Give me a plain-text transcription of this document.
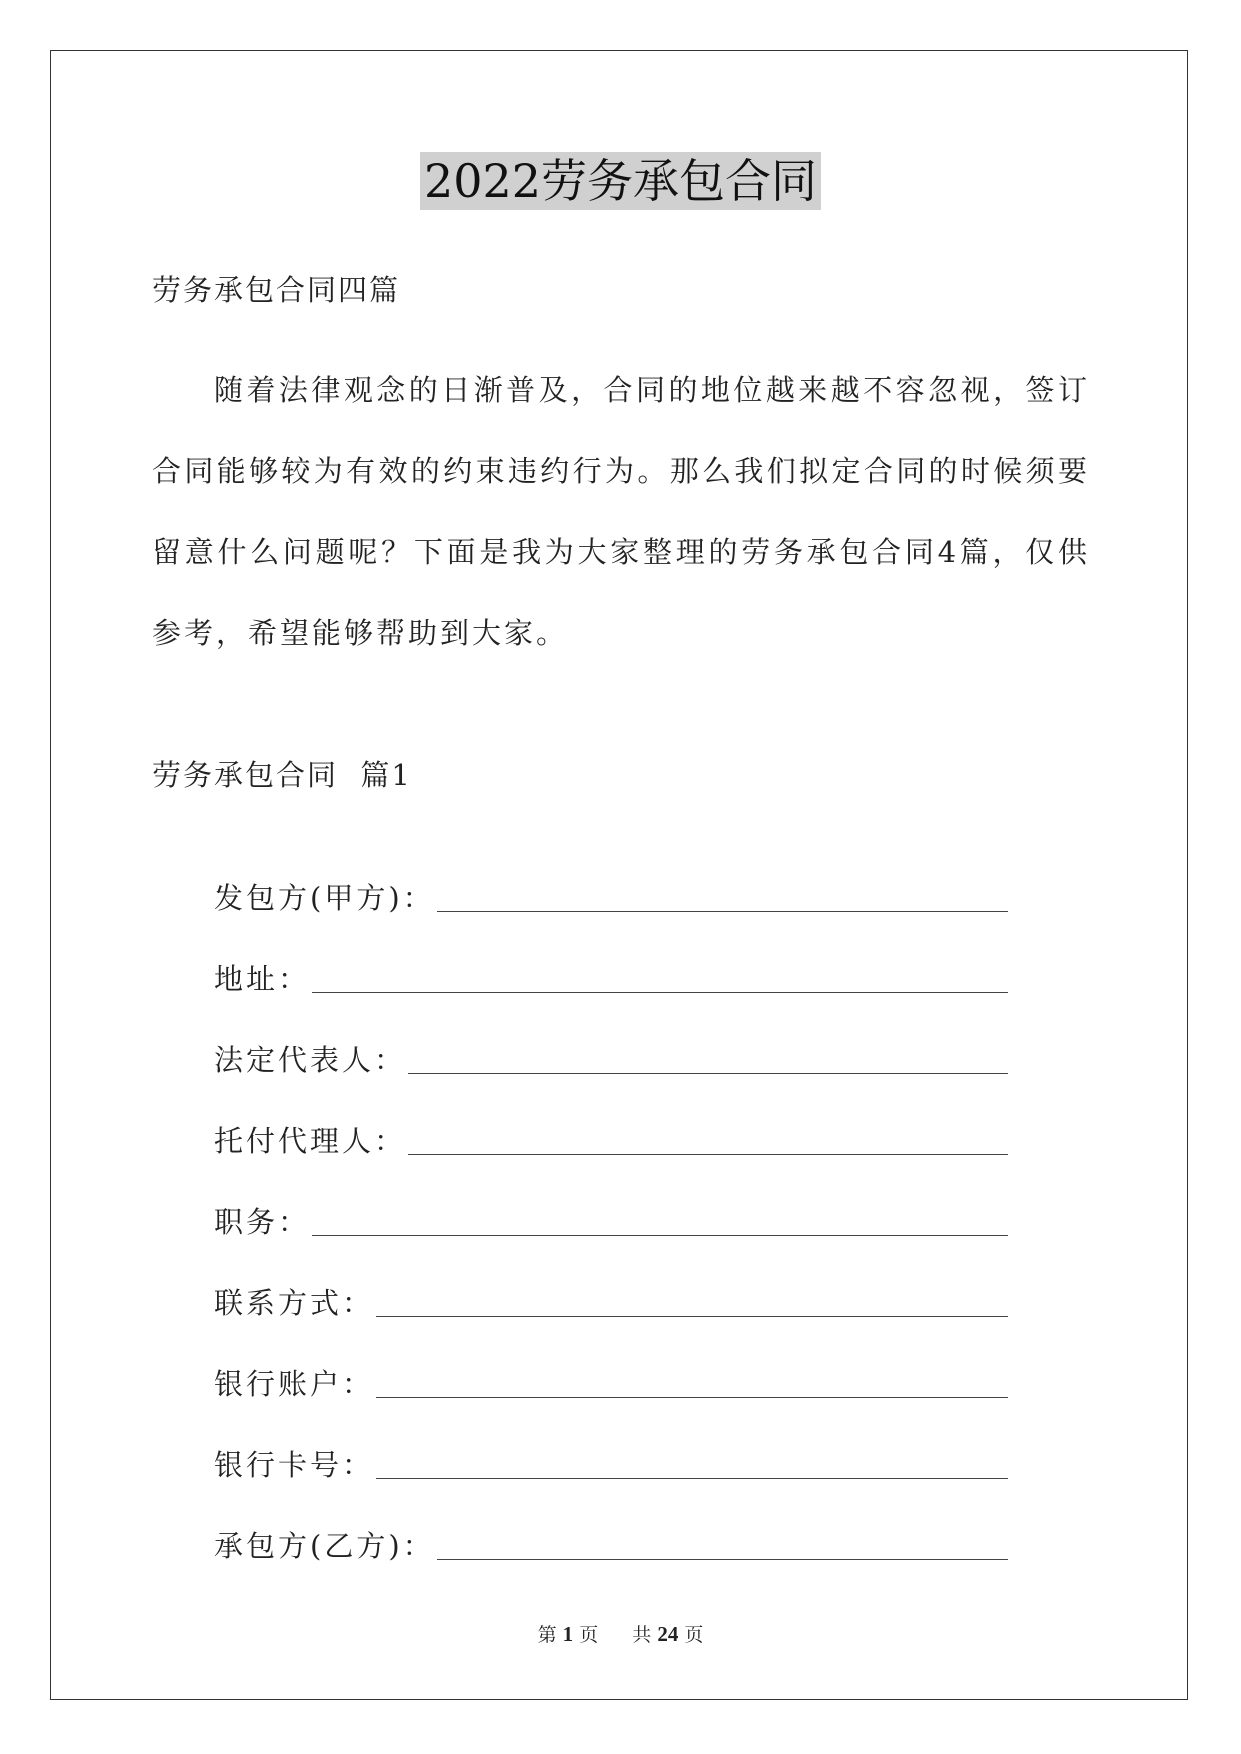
2022劳务承包合同
劳务承包合同四篇
随着法律观念的日渐普及，合同的地位越来越不容忽视，签订合同能够较为有效的约束违约行为。那么我们拟定合同的时候须要留意什么问题呢？下面是我为大家整理的劳务承包合同4篇，仅供参考，希望能够帮助到大家。
劳务承包合同  篇1
发包方(甲方)：
地址：
法定代表人：
托付代理人：
职务：
联系方式：
银行账户：
银行卡号：
承包方(乙方)：
第 1 页 共 24 页
